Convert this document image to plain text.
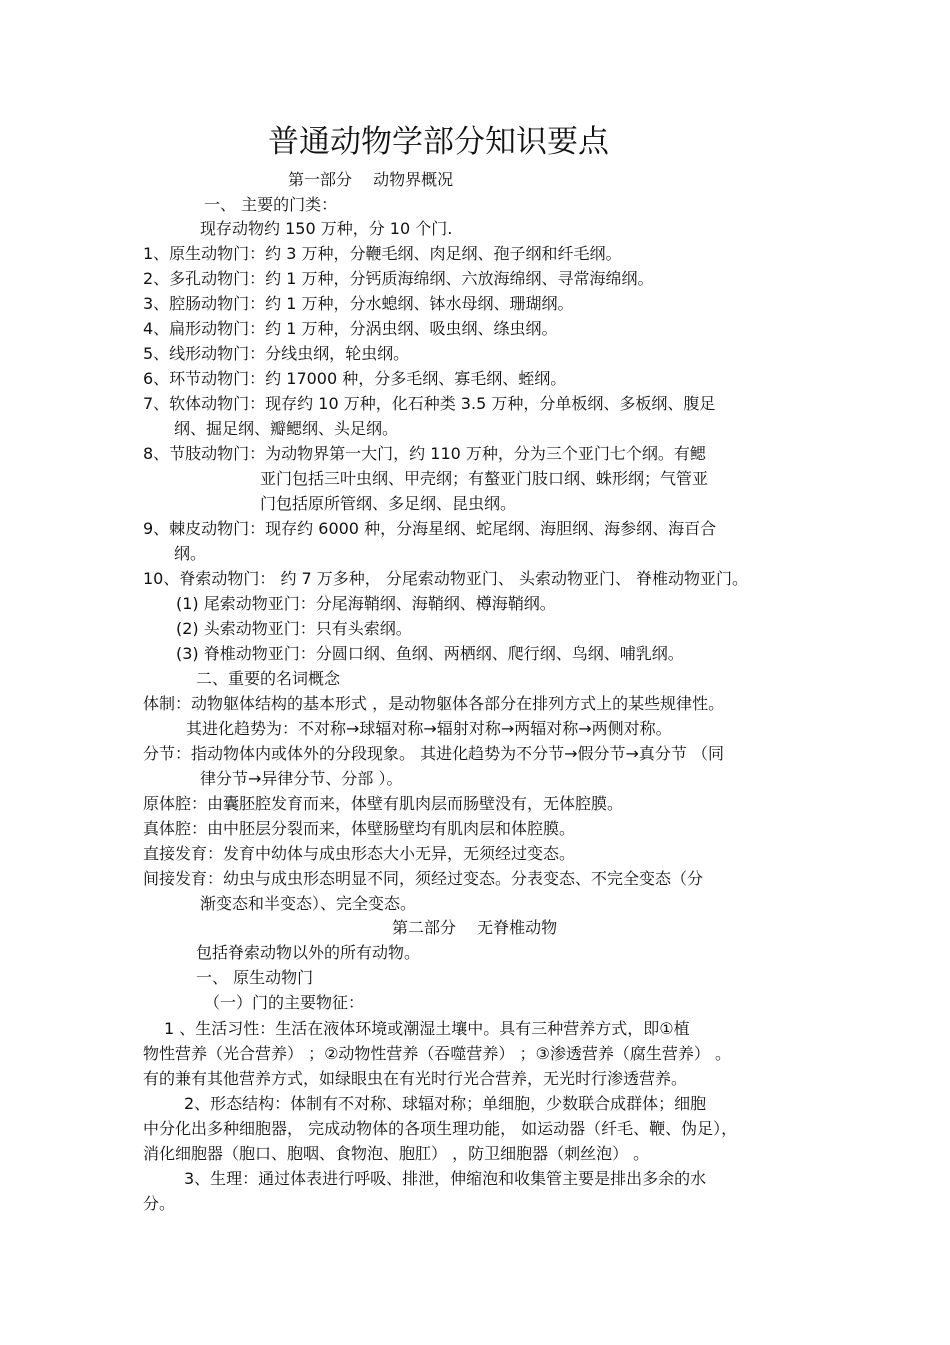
普通动物学部分知识要点
第一部分　 动物界概况
一、 主要的门类：
现存动物约 150 万种，分 10 个门.
1、原生动物门：约 3 万种，分鞭毛纲、肉足纲、孢子纲和纤毛纲。
2、多孔动物门：约 1 万种，分钙质海绵纲、六放海绵纲、寻常海绵纲。
3、腔肠动物门：约 1 万种，分水螅纲、钵水母纲、珊瑚纲。
4、扁形动物门：约 1 万种，分涡虫纲、吸虫纲、绦虫纲。
5、线形动物门：分线虫纲，轮虫纲。
6、环节动物门：约 17000 种，分多毛纲、寡毛纲、蛭纲。
7、软体动物门：现存约 10 万种，化石种类 3.5 万种，分单板纲、多板纲、腹足
纲、掘足纲、瓣鳃纲、头足纲。
8、节肢动物门：为动物界第一大门，约 110 万种，分为三个亚门七个纲。有鳃
亚门包括三叶虫纲、甲壳纲；有螯亚门肢口纲、蛛形纲；气管亚
门包括原所管纲、多足纲、昆虫纲。
9、棘皮动物门：现存约 6000 种，分海星纲、蛇尾纲、海胆纲、海参纲、海百合
纲。
10、脊索动物门： 约 7 万多种， 分尾索动物亚门、 头索动物亚门、 脊椎动物亚门。
(1) 尾索动物亚门：分尾海鞘纲、海鞘纲、樽海鞘纲。
(2) 头索动物亚门：只有头索纲。
(3) 脊椎动物亚门：分圆口纲、鱼纲、两栖纲、爬行纲、鸟纲、哺乳纲。
二、重要的名词概念
体制：动物躯体结构的基本形式 ，是动物躯体各部分在排列方式上的某些规律性。
其进化趋势为：不对称→球辐对称→辐射对称→两辐对称→两侧对称。
分节：指动物体内或体外的分段现象。 其进化趋势为不分节→假分节→真分节 （同
律分节→异律分节、分部 ）。
原体腔：由囊胚腔发育而来，体壁有肌肉层而肠壁没有，无体腔膜。
真体腔：由中胚层分裂而来，体壁肠壁均有肌肉层和体腔膜。
直接发育：发育中幼体与成虫形态大小无异，无须经过变态。
间接发育：幼虫与成虫形态明显不同，须经过变态。分表变态、不完全变态（分
渐变态和半变态）、完全变态。
第二部分　 无脊椎动物
包括脊索动物以外的所有动物。
一、 原生动物门
（一）门的主要物征：
1 、生活习性：生活在液体环境或潮湿土壤中。具有三种营养方式，即①植
物性营养（光合营养） ；②动物性营养（吞噬营养） ；③渗透营养（腐生营养） 。
有的兼有其他营养方式，如绿眼虫在有光时行光合营养，无光时行渗透营养。
2、形态结构：体制有不对称、球辐对称；单细胞，少数联合成群体；细胞
中分化出多种细胞器， 完成动物体的各项生理功能， 如运动器（纤毛、鞭、伪足），
消化细胞器（胞口、胞咽、食物泡、胞肛） ，防卫细胞器（刺丝泡） 。
3、生理：通过体表进行呼吸、排泄，伸缩泡和收集管主要是排出多余的水
分。
